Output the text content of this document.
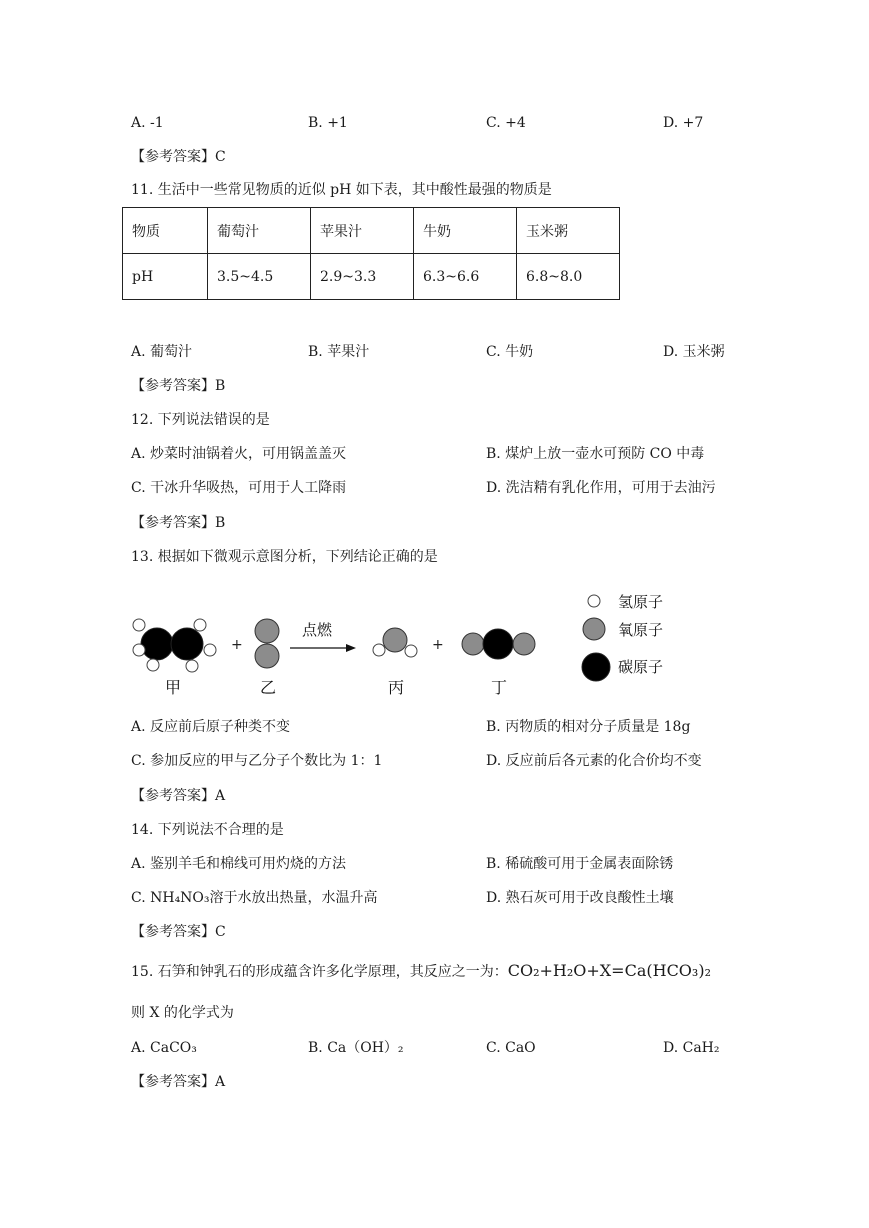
A. -1	B. +1	C. +4	D. +7
【参考答案】C
11. 生活中一些常见物质的近似 pH 如下表，其中酸性最强的物质是
物质	葡萄汁	苹果汁	牛奶	玉米粥
pH	3.5~4.5	2.9~3.3	6.3~6.6	6.8~8.0
A. 葡萄汁	B. 苹果汁	C. 牛奶	D. 玉米粥
【参考答案】B
12. 下列说法错误的是
A. 炒菜时油锅着火，可用锅盖盖灭	B. 煤炉上放一壶水可预防 CO 中毒
C. 干冰升华吸热，可用于人工降雨	D. 洗洁精有乳化作用，可用于去油污
【参考答案】B
13. 根据如下微观示意图分析，下列结论正确的是
+
点燃
+
甲	乙	丙	丁
氢原子
氧原子
碳原子
A. 反应前后原子种类不变	B. 丙物质的相对分子质量是 18g
C. 参加反应的甲与乙分子个数比为 1：1	D. 反应前后各元素的化合价均不变
【参考答案】A
14. 下列说法不合理的是
A. 鉴别羊毛和棉线可用灼烧的方法	B. 稀硫酸可用于金属表面除锈
C. NH₄NO₃溶于水放出热量，水温升高	D. 熟石灰可用于改良酸性土壤
【参考答案】C
15. 石笋和钟乳石的形成蕴含许多化学原理，其反应之一为：CO₂+H₂O+X=Ca(HCO₃)₂
则 X 的化学式为
A. CaCO₃	B. Ca（OH）₂	C. CaO	D. CaH₂
【参考答案】A
